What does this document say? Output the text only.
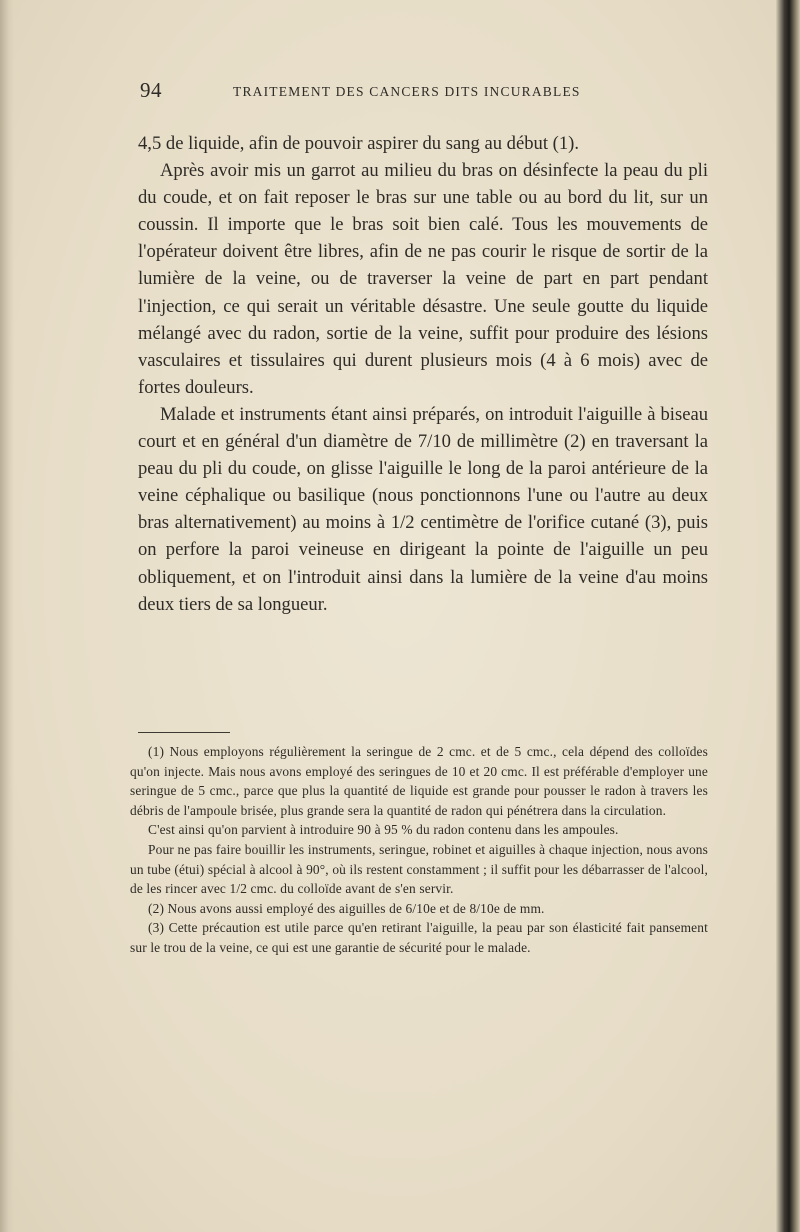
94	TRAITEMENT DES CANCERS DITS INCURABLES

4,5 de liquide, afin de pouvoir aspirer du sang au début (1).

Après avoir mis un garrot au milieu du bras on désinfecte la peau du pli du coude, et on fait reposer le bras sur une table ou au bord du lit, sur un coussin. Il importe que le bras soit bien calé. Tous les mouvements de l'opérateur doivent être libres, afin de ne pas courir le risque de sortir de la lumière de la veine, ou de traverser la veine de part en part pendant l'injection, ce qui serait un véritable désastre. Une seule goutte du liquide mélangé avec du radon, sortie de la veine, suffit pour produire des lésions vasculaires et tissulaires qui durent plusieurs mois (4 à 6 mois) avec de fortes douleurs.

Malade et instruments étant ainsi préparés, on introduit l'aiguille à biseau court et en général d'un diamètre de 7/10 de millimètre (2) en traversant la peau du pli du coude, on glisse l'aiguille le long de la paroi antérieure de la veine céphalique ou basilique (nous ponctionnons l'une ou l'autre au deux bras alternativement) au moins à 1/2 centimètre de l'orifice cutané (3), puis on perfore la paroi veineuse en dirigeant la pointe de l'aiguille un peu obliquement, et on l'introduit ainsi dans la lumière de la veine d'au moins deux tiers de sa longueur.

(1) Nous employons régulièrement la seringue de 2 cmc. et de 5 cmc., cela dépend des colloïdes qu'on injecte. Mais nous avons employé des seringues de 10 et 20 cmc. Il est préférable d'employer une seringue de 5 cmc., parce que plus la quantité de liquide est grande pour pousser le radon à travers les débris de l'ampoule brisée, plus grande sera la quantité de radon qui pénétrera dans la circulation.

C'est ainsi qu'on parvient à introduire 90 à 95 % du radon contenu dans les ampoules.

Pour ne pas faire bouillir les instruments, seringue, robinet et aiguilles à chaque injection, nous avons un tube (étui) spécial à alcool à 90°, où ils restent constamment ; il suffit pour les débarrasser de l'alcool, de les rincer avec 1/2 cmc. du colloïde avant de s'en servir.

(2) Nous avons aussi employé des aiguilles de 6/10e et de 8/10e de mm.

(3) Cette précaution est utile parce qu'en retirant l'aiguille, la peau par son élasticité fait pansement sur le trou de la veine, ce qui est une garantie de sécurité pour le malade.
